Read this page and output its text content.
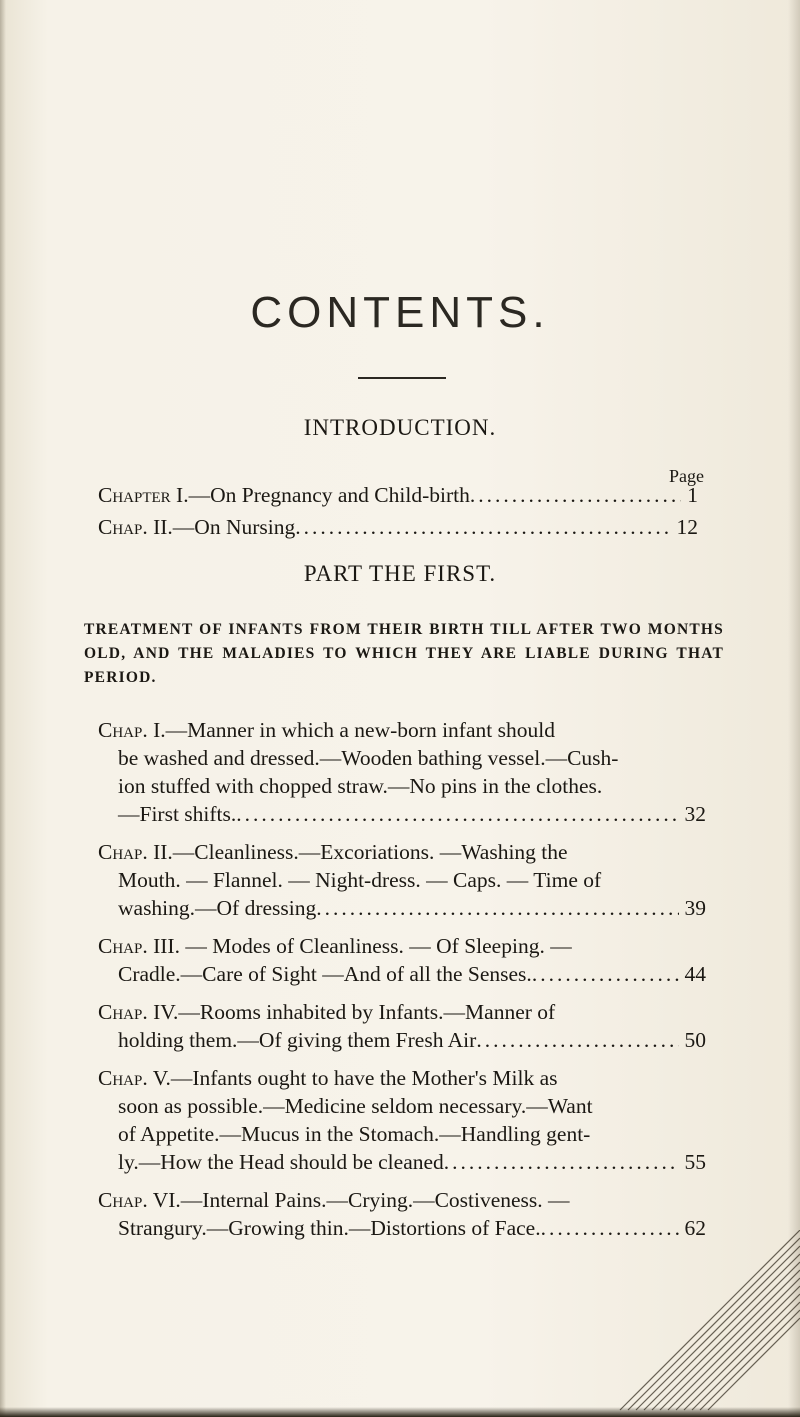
CONTENTS.
INTRODUCTION.
Page
Chapter I. —On Pregnancy and Child-birth .....	1
Chap. II. —On Nursing .....	12
PART THE FIRST.
TREATMENT OF INFANTS FROM THEIR BIRTH TILL AFTER TWO MONTHS OLD, AND THE MALADIES TO WHICH THEY ARE LIABLE DURING THAT PERIOD.
Chap. I.—Manner in which a new-born infant should
be washed and dressed.—Wooden bathing vessel.—Cush-
ion stuffed with chopped straw.—No pins in the clothes.
—First shifts. .....	32
Chap. II.—Cleanliness.—Excoriations. —Washing the
Mouth. — Flannel. — Night-dress. — Caps. — Time of
washing.—Of dressing .....	39
Chap. III. — Modes of Cleanliness. — Of Sleeping. —
Cradle.—Care of Sight —And of all the Senses. .....	44
Chap. IV.—Rooms inhabited by Infants.—Manner of
holding them.—Of giving them Fresh Air .....	50
Chap. V.—Infants ought to have the Mother's Milk as
soon as possible.—Medicine seldom necessary.—Want
of Appetite.—Mucus in the Stomach.—Handling gent-
ly.—How the Head should be cleaned .....	55
Chap. VI.—Internal Pains.—Crying.—Costiveness. —
Strangury.—Growing thin.—Distortions of Face. .....	62
